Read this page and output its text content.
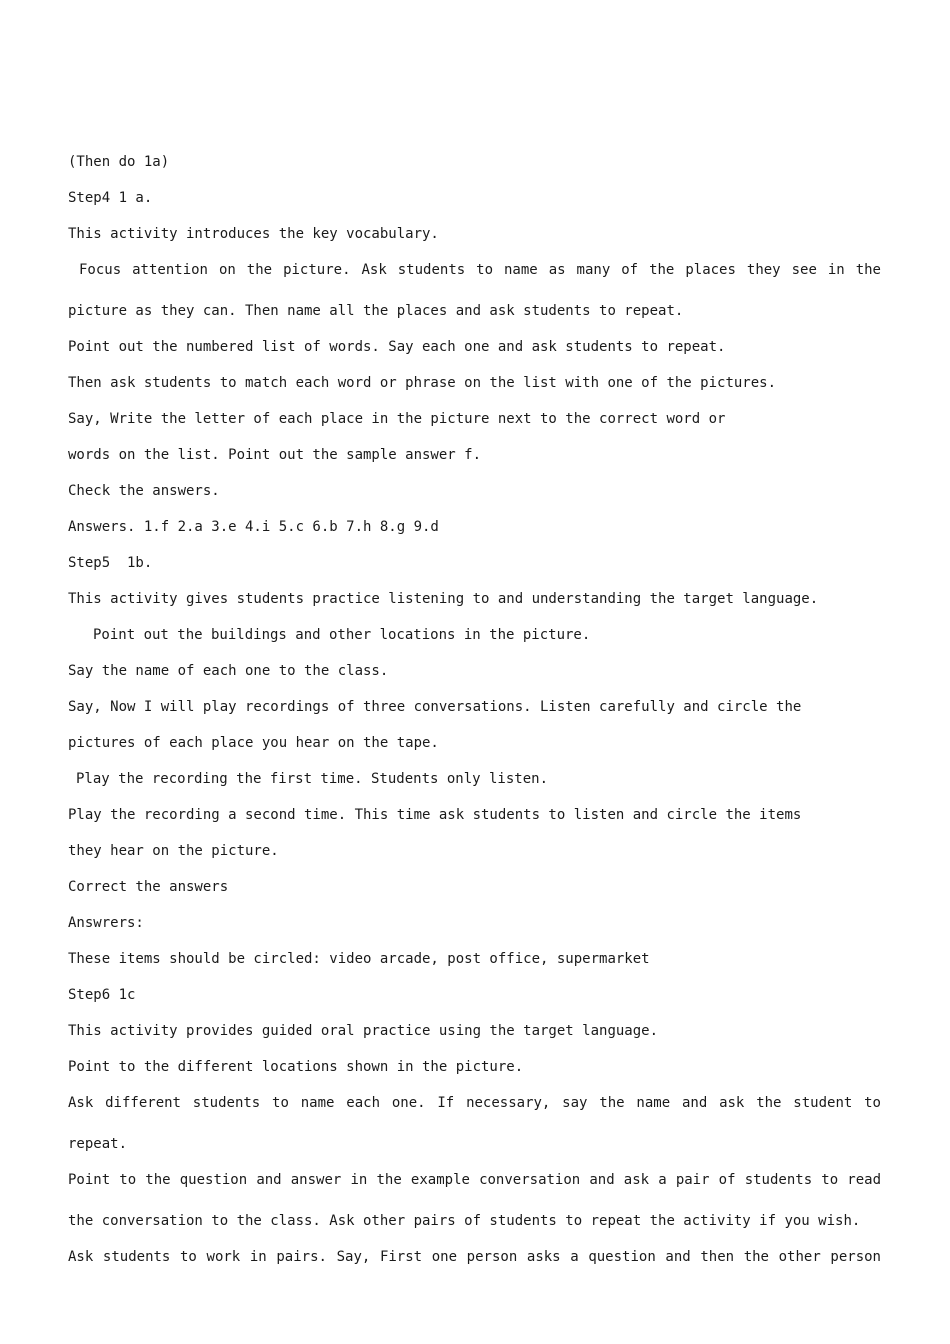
(Then do 1a)
Step4 1 a.
This activity introduces the key vocabulary.
Focus attention on the picture. Ask students to name as many of the places they see in the
picture as they can. Then name all the places and ask students to repeat.
Point out the numbered list of words. Say each one and ask students to repeat.
Then ask students to match each word or phrase on the list with one of the pictures.
Say, Write the letter of each place in the picture next to the correct word or
words on the list. Point out the sample answer f.
Check the answers.
Answers. 1.f 2.a 3.e 4.i 5.c 6.b 7.h 8.g 9.d
Step5  1b.
This activity gives students practice listening to and understanding the target language.
Point out the buildings and other locations in the picture.
Say the name of each one to the class.
Say, Now I will play recordings of three conversations. Listen carefully and circle the
pictures of each place you hear on the tape.
Play the recording the first time. Students only listen.
Play the recording a second time. This time ask students to listen and circle the items
they hear on the picture.
Correct the answers
Answrers:
These items should be circled: video arcade, post office, supermarket
Step6 1c
This activity provides guided oral practice using the target language.
Point to the different locations shown in the picture.
Ask different students to name each one. If necessary, say the name and ask the student to
repeat.
Point to the question and answer in the example conversation and ask a pair of students to read
the conversation to the class. Ask other pairs of students to repeat the activity if you wish.
Ask students to work in pairs. Say, First one person asks a question and then the other person
